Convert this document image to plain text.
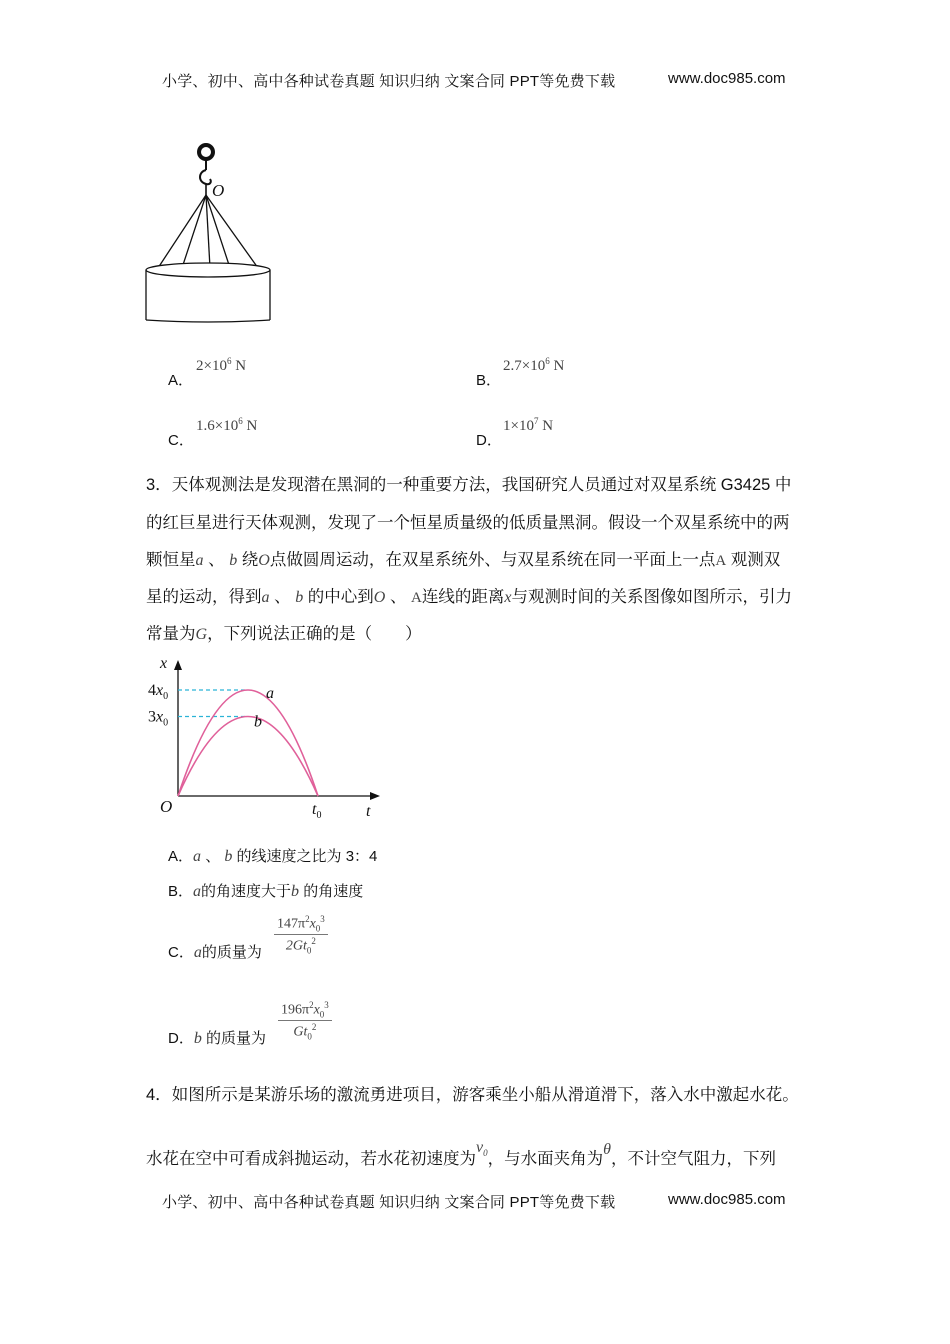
小学、初中、高中各种试卷真题 知识归纳 文案合同 PPT等免费下载	www.doc985.com
O
A．
$2\times 10^6$ N
B．
$2.7\times 10^6$ N
C．
$1.6\times 10^6$ N
D．
$1\times 10^7$ N
3．天体观测法是发现潜在黑洞的一种重要方法，我国研究人员通过对双星系统 G3425 中
的红巨星进行天体观测，发现了一个恒星质量级的低质量黑洞。假设一个双星系统中的两
颗恒星a 、 b 绕O点做圆周运动，在双星系统外、与双星系统在同一平面上一点A 观测双
星的运动，得到a 、 b 的中心到O 、 A连线的距离x与观测时间的关系图像如图所示，引力
常量为G，下列说法正确的是（　　）
x
t
O
a
b
$4x_0$
$3x_0$
$t_0$
A．a 、 b 的线速度之比为 3：4
B．a的角速度大于b 的角速度
C．a的质量为 $\frac{147\pi^2x_0^3}{2Gt_0^2}$
D．b 的质量为 $\frac{196\pi^2x_0^3}{Gt_0^2}$
4．如图所示是某游乐场的激流勇进项目，游客乘坐小船从滑道滑下，落入水中激起水花。
水花在空中可看成斜抛运动，若水花初速度为$v_0$，与水面夹角为θ，不计空气阻力，下列
小学、初中、高中各种试卷真题 知识归纳 文案合同 PPT等免费下载	www.doc985.com
